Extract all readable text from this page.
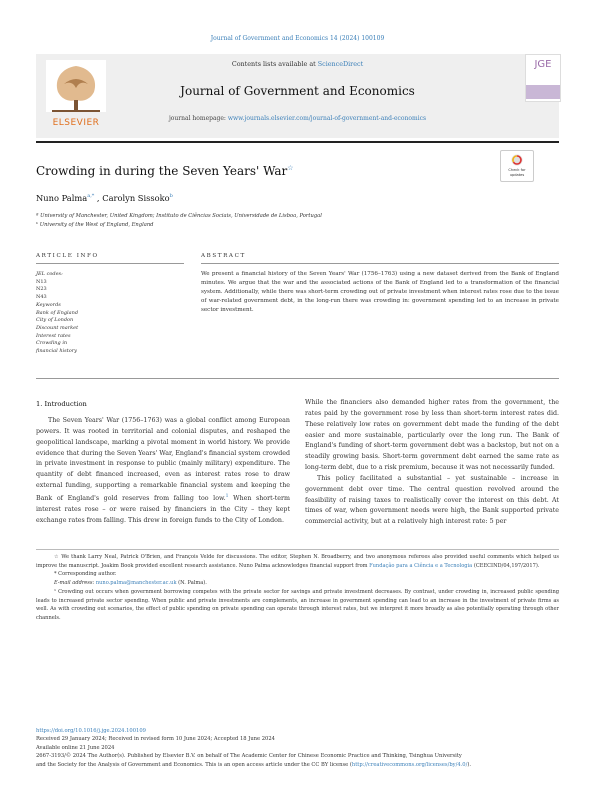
Journal of Government and Economics 14 (2024) 100109
ELSEVIER
Contents lists available at ScienceDirect
Journal of Government and Economics
journal homepage: www.journals.elsevier.com/journal-of-government-and-economics
JGE
Crowding in during the Seven Years' War☆	Check for
updates
Nuno Palma$^{a,*}$ , Carolyn Sissoko$^b$
ª University of Manchester, United Kingdom; Instituto de Ciências Sociais, Universidade de Lisboa, Portugal
ᵇ University of the West of England, England
ARTICLE INFO	ABSTRACT
JEL codes:
N13
N23
N43
Keywords
Bank of England
City of London
Discount market
Interest rates
Crowding in
financial history
We present a financial history of the Seven Years' War (1756–1763) using a new dataset derived from the Bank of England minutes. We argue that the war and the associated actions of the Bank of England led to a transformation of the financial system. Additionally, while there was short-term crowding out of private investment when interest rates rose due to the issue of war-related government debt, in the long-run there was crowding in: government spending led to an increase in private sector investment.
1. Introduction

The Seven Years' War (1756–1763) was a global conflict among European powers. It was rooted in territorial and colonial disputes, and reshaped the geopolitical landscape, marking a pivotal moment in world history. We provide evidence that during the Seven Years' War, England's financial system crowded in private investment in response to public (mainly military) expenditure. The quantity of debt financed increased, even as interest rates rose to draw external funding, supporting a remarkable financial system and keeping the Bank of England's gold reserves from falling too low.$^1$ When short-term interest rates rose – or were raised by financiers in the City – they kept exchange rates from falling. This drew in foreign funds to the City of London.

While the financiers also demanded higher rates from the government, the rates paid by the government rose by less than short-term interest rates did. These relatively low rates on government debt made the funding of the debt easier and more sustainable, particularly over the long run. The Bank of England's funding of short-term government debt was a backstop, but not on a steadily growing basis. Short-term government debt earned the same rate as long-term debt, due to a risk premium, because it was not necessarily funded.

This policy facilitated a substantial – yet sustainable – increase in government debt over time. The central question revolved around the feasibility of raising taxes to realistically cover the interest on this debt. At times of war, when government needs were high, the Bank supported private commercial activity, but at a relatively high interest rate: 5 per

☆ We thank Larry Neal, Patrick O'Brien, and François Velde for discussions. The editor, Stephen N. Broadberry, and two anonymous referees also provided useful comments which helped us improve the manuscript. Joakim Book provided excellent research assistance. Nuno Palma acknowledges financial support from Fundação para a Ciência e a Tecnologia (CEECIND/04,197/2017).

* Corresponding author.

E-mail address: nuno.palma@manchester.ac.uk (N. Palma).

¹ Crowding out occurs when government borrowing competes with the private sector for savings and private investment decreases. By contrast, under crowding in, increased public spending leads to increased private sector spending. When public and private investments are complements, an increase in government spending can lead to an increase in the investment of private firms as well. As with crowding out scenarios, the effect of public spending on private spending can operate through interest rates, but we interpret it more broadly as also potentially operating through other channels.

https://doi.org/10.1016/j.jge.2024.100109
Received 29 January 2024; Received in revised form 10 June 2024; Accepted 18 June 2024
Available online 21 June 2024
2667-3193/© 2024 The Author(s). Published by Elsevier B.V. on behalf of The Academic Center for Chinese Economic Practice and Thinking, Tsinghua University
and the Society for the Analysis of Government and Economics. This is an open access article under the CC BY license (http://creativecommons.org/licenses/by/4.0/).
